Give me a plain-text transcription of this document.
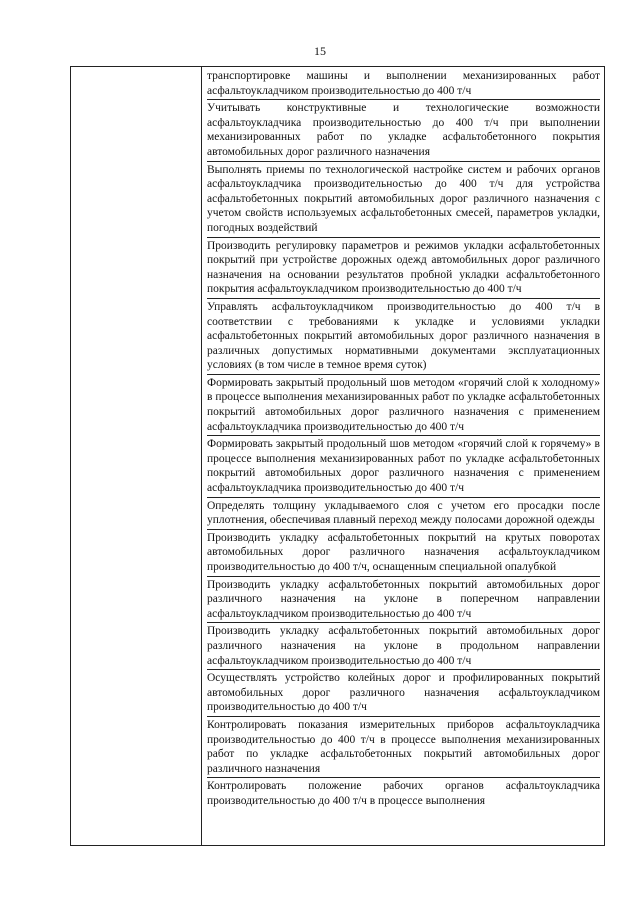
15

транспортировке машины и выполнении механизированных работ асфальтоукладчиком производительностью до 400 т/ч
Учитывать конструктивные и технологические возможности асфальтоукладчика производительностью до 400 т/ч при выполнении механизированных работ по укладке асфальтобетонного покрытия автомобильных дорог различного назначения
Выполнять приемы по технологической настройке систем и рабочих органов асфальтоукладчика производительностью до 400 т/ч для устройства асфальтобетонных покрытий автомобильных дорог различного назначения с учетом свойств используемых асфальтобетонных смесей, параметров укладки, погодных воздействий
Производить регулировку параметров и режимов укладки асфальтобетонных покрытий при устройстве дорожных одежд автомобильных дорог различного назначения на основании результатов пробной укладки асфальтобетонного покрытия асфальтоукладчиком производительностью до 400 т/ч
Управлять асфальтоукладчиком производительностью до 400 т/ч в соответствии с требованиями к укладке и условиями укладки асфальтобетонных покрытий автомобильных дорог различного назначения в различных допустимых нормативными документами эксплуатационных условиях (в том числе в темное время суток)
Формировать закрытый продольный шов методом «горячий слой к холодному» в процессе выполнения механизированных работ по укладке асфальтобетонных покрытий автомобильных дорог различного назначения с применением асфальтоукладчика производительностью до 400 т/ч
Формировать закрытый продольный шов методом «горячий слой к горячему» в процессе выполнения механизированных работ по укладке асфальтобетонных покрытий автомобильных дорог различного назначения с применением асфальтоукладчика производительностью до 400 т/ч
Определять толщину укладываемого слоя с учетом его просадки после уплотнения, обеспечивая плавный переход между полосами дорожной одежды
Производить укладку асфальтобетонных покрытий на крутых поворотах автомобильных дорог различного назначения асфальтоукладчиком производительностью до 400 т/ч, оснащенным специальной опалубкой
Производить укладку асфальтобетонных покрытий автомобильных дорог различного назначения на уклоне в поперечном направлении асфальтоукладчиком производительностью до 400 т/ч
Производить укладку асфальтобетонных покрытий автомобильных дорог различного назначения на уклоне в продольном направлении асфальтоукладчиком производительностью до 400 т/ч
Осуществлять устройство колейных дорог и профилированных покрытий автомобильных дорог различного назначения асфальтоукладчиком производительностью до 400 т/ч
Контролировать показания измерительных приборов асфальтоукладчика производительностью до 400 т/ч в процессе выполнения механизированных работ по укладке асфальтобетонных покрытий автомобильных дорог различного назначения
Контролировать положение рабочих органов асфальтоукладчика производительностью до 400 т/ч в процессе выполнения
